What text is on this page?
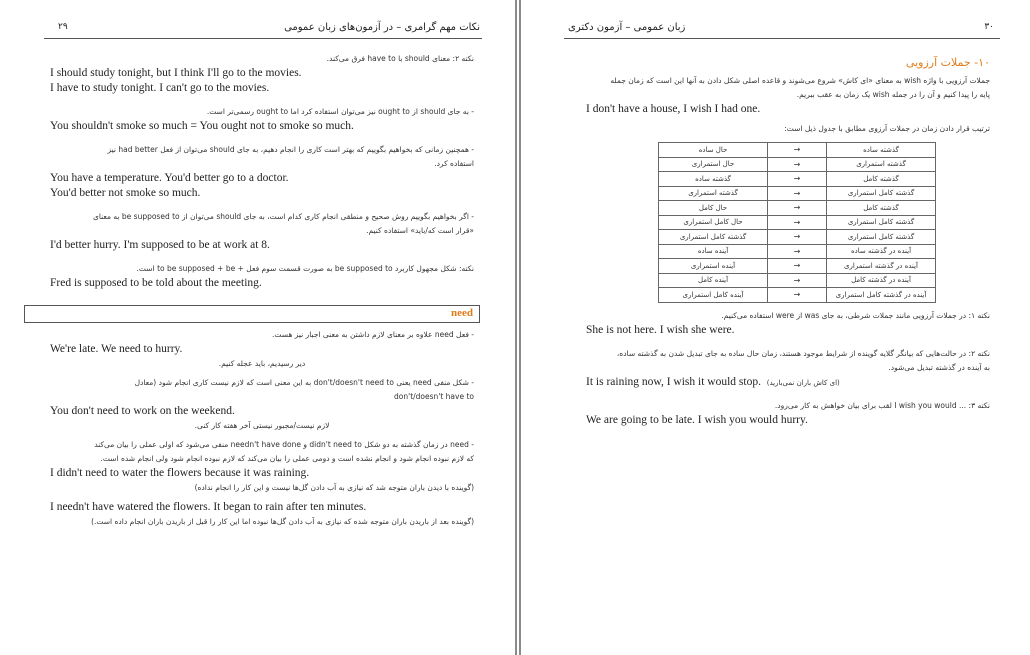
۲۹	نکات مهم گرامری – در آزمون‌های زبان عمومی

نکته ۲: معنای should با have to فرق می‌کند.

I should study tonight, but I think I'll go to the movies.

I have to study tonight. I can't go to the movies.

- به جای should از ought to نیز می‌توان استفاده کرد اما ought to رسمی‌تر است.

You shouldn't smoke so much = You ought not to smoke so much.

- همچنین زمانی که بخواهیم بگوییم که بهتر است کاری را انجام دهیم، به جای should می‌توان از فعل had better نیز

استفاده کرد.

You have a temperature. You'd better go to a doctor.

You'd better not smoke so much.

- اگر بخواهیم بگوییم روش صحیح و منطقی انجام کاری کدام است، به جای should می‌توان از be supposed to به معنای

«قرار است که/باید» استفاده کنیم.

I'd better hurry. I'm supposed to be at work at 8.

نکته: شکل مجهول کاربرد be supposed to به صورت قسمت سوم فعل + to be supposed + be است.

Fred is supposed to be told about the meeting.

need

- فعل need علاوه بر معنای لازم داشتن به معنی اجبار نیز هست.

We're late. We need to hurry.

دیر رسیدیم، باید عجله کنیم.

- شکل منفی need یعنی don't/doesn't need to به این معنی است که لازم نیست کاری انجام شود (معادل

don't/doesn't have to

You don't need to work on the weekend.

لازم نیست/مجبور نیستی آخر هفته کار کنی.

- need در زمان گذشته به دو شکل didn't need to و needn't have done منفی می‌شود که اولی عملی را بیان می‌کند

که لازم نبوده انجام شود و انجام نشده است و دومی عملی را بیان می‌کند که لازم نبوده انجام شود ولی انجام شده است.

I didn't need to water the flowers because it was raining.

(گوینده با دیدن باران متوجه شد که نیازی به آب دادن گل‌ها نیست و این کار را انجام نداده)

I needn't have watered the flowers. It began to rain after ten minutes.

(گوینده بعد از باریدن باران متوجه شده که نیازی به آب دادن گل‌ها نبوده اما این کار را قبل از باریدن باران انجام داده است.)

زبان عمومی – آزمون دکتری	۳۰

۱۰- جملات آرزویی

جملات آرزویی با واژه wish به معنای «ای کاش» شروع می‌شوند و قاعده اصلی شکل دادن به آنها این است که زمان جمله

پایه را پیدا کنیم و آن را در جمله wish یک زمان به عقب ببریم.

I don't have a house, I wish I had one.

ترتیب قرار دادن زمان در جملات آرزوی مطابق با جدول ذیل است:

حال ساده	→	گذشته ساده
حال استمراری	→	گذشته استمراری
گذشته ساده	→	گذشته کامل
گذشته استمراری	→	گذشته کامل استمراری
حال کامل	→	گذشته کامل
حال کامل استمراری	→	گذشته کامل استمراری
گذشته کامل استمراری	→	گذشته کامل استمراری
آینده ساده	→	آینده در گذشته ساده
آینده استمراری	→	آینده در گذشته استمراری
آینده کامل	→	آینده در گذشته کامل
آینده کامل استمراری	→	آینده در گذشته کامل استمراری

نکته ۱: در جملات آرزویی مانند جملات شرطی، به جای was از were استفاده می‌کنیم.

She is not here. I wish she were.

نکته ۲: در حالت‌هایی که بیانگر گلایه گوینده از شرایط موجود هستند، زمان حال ساده به جای تبدیل شدن به گذشته ساده،

به آینده در گذشته تبدیل می‌شود.

It is raining now, I wish it would stop. (ای کاش باران نمی‌بارید)

نکته ۳: ... I wish you would لقب برای بیان خواهش به کار می‌رود.

We are going to be late. I wish you would hurry.
